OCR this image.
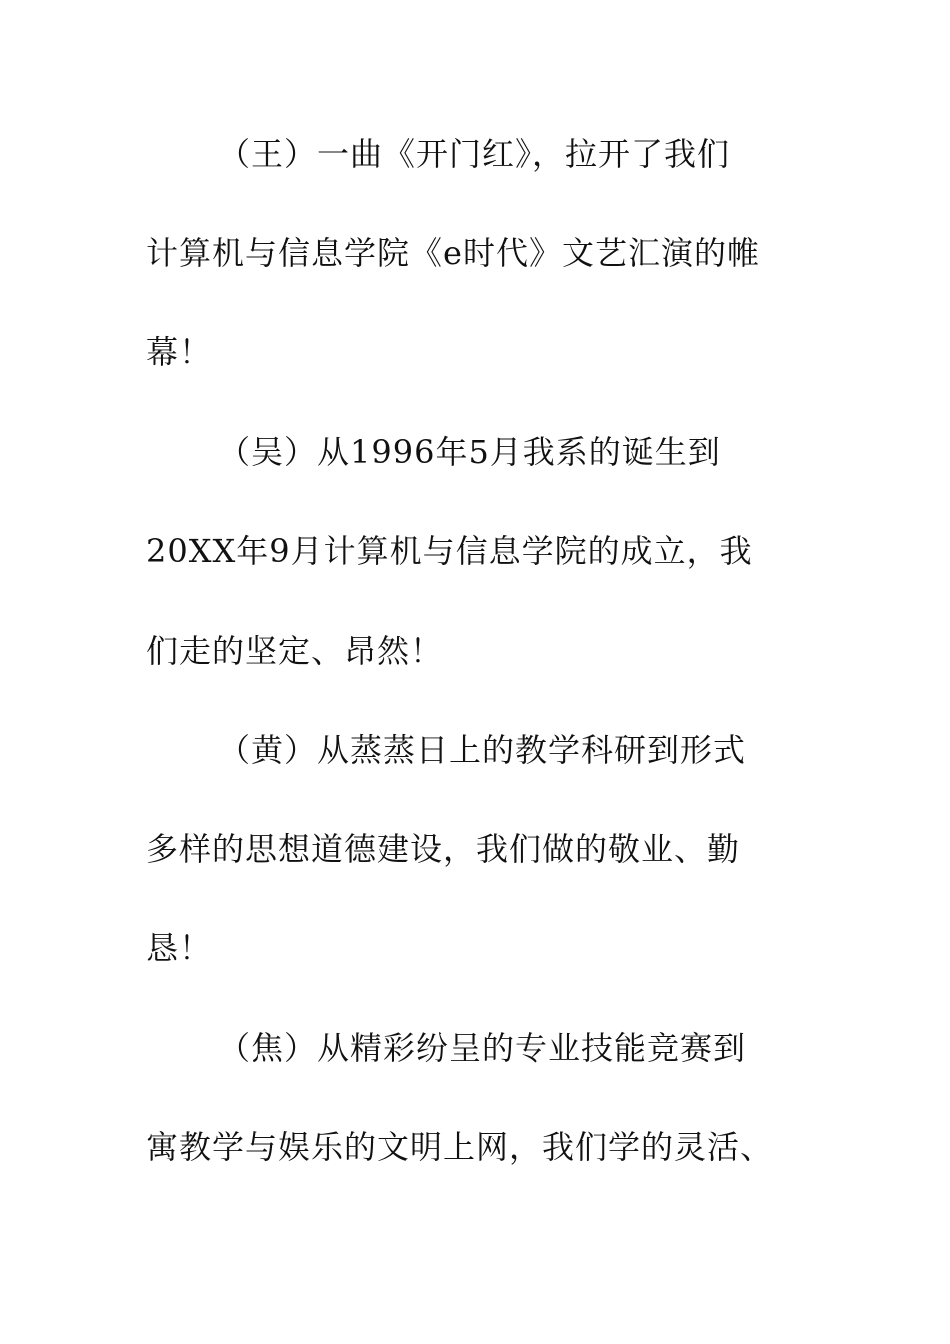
（王）一曲《开门红》，拉开了我们
计算机与信息学院《e时代》文艺汇演的帷
幕！
（吴）从1996年5月我系的诞生到
20XX年9月计算机与信息学院的成立，我
们走的坚定、昂然！
（黄）从蒸蒸日上的教学科研到形式
多样的思想道德建设，我们做的敬业、勤
恳！
（焦）从精彩纷呈的专业技能竞赛到
寓教学与娱乐的文明上网，我们学的灵活、
